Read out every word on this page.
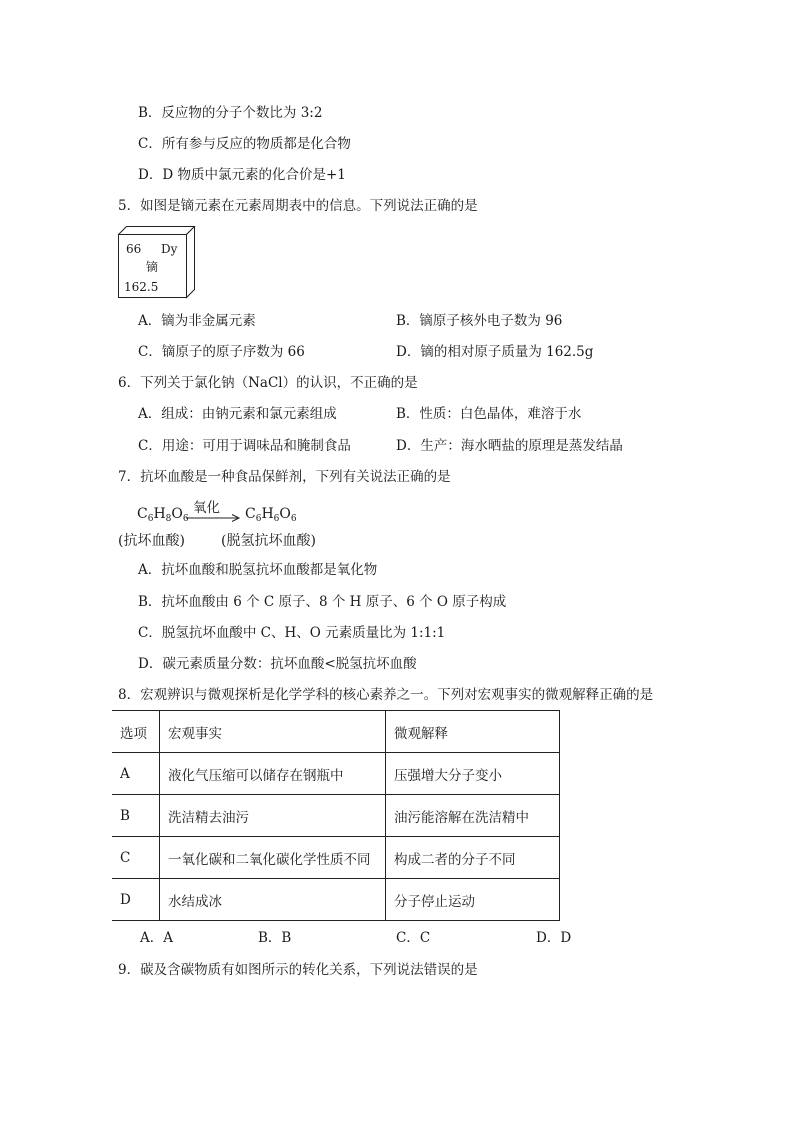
B．反应物的分子个数比为 3:2
C．所有参与反应的物质都是化合物
D．D 物质中氯元素的化合价是+1
5．如图是镝元素在元素周期表中的信息。下列说法正确的是
66 Dy
镝
162.5
A．镝为非金属元素	B．镝原子核外电子数为 96
C．镝原子的原子序数为 66	D．镝的相对原子质量为 162.5g
6．下列关于氯化钠（NaCl）的认识，不正确的是
A．组成：由钠元素和氯元素组成	B．性质：白色晶体，难溶于水
C．用途：可用于调味品和腌制食品	D．生产：海水晒盐的原理是蒸发结晶
7．抗坏血酸是一种食品保鲜剂，下列有关说法正确的是
$C_6H_8O_6$
氧化 $C_6H_6O_6$
(抗坏血酸)	(脱氢抗坏血酸)
A．抗坏血酸和脱氢抗坏血酸都是氧化物
B．抗坏血酸由 6 个 C 原子、8 个 H 原子、6 个 O 原子构成
C．脱氢抗坏血酸中 C、H、O 元素质量比为 1:1:1
D．碳元素质量分数：抗坏血酸<脱氢抗坏血酸
8．宏观辨识与微观探析是化学学科的核心素养之一。下列对宏观事实的微观解释正确的是
选项	宏观事实	微观解释
A	液化气压缩可以储存在钢瓶中	压强增大分子变小
B	洗洁精去油污	油污能溶解在洗洁精中
C	一氧化碳和二氧化碳化学性质不同	构成二者的分子不同
D	水结成冰	分子停止运动
A．A	B．B	C．C	D．D
9．碳及含碳物质有如图所示的转化关系，下列说法错误的是
